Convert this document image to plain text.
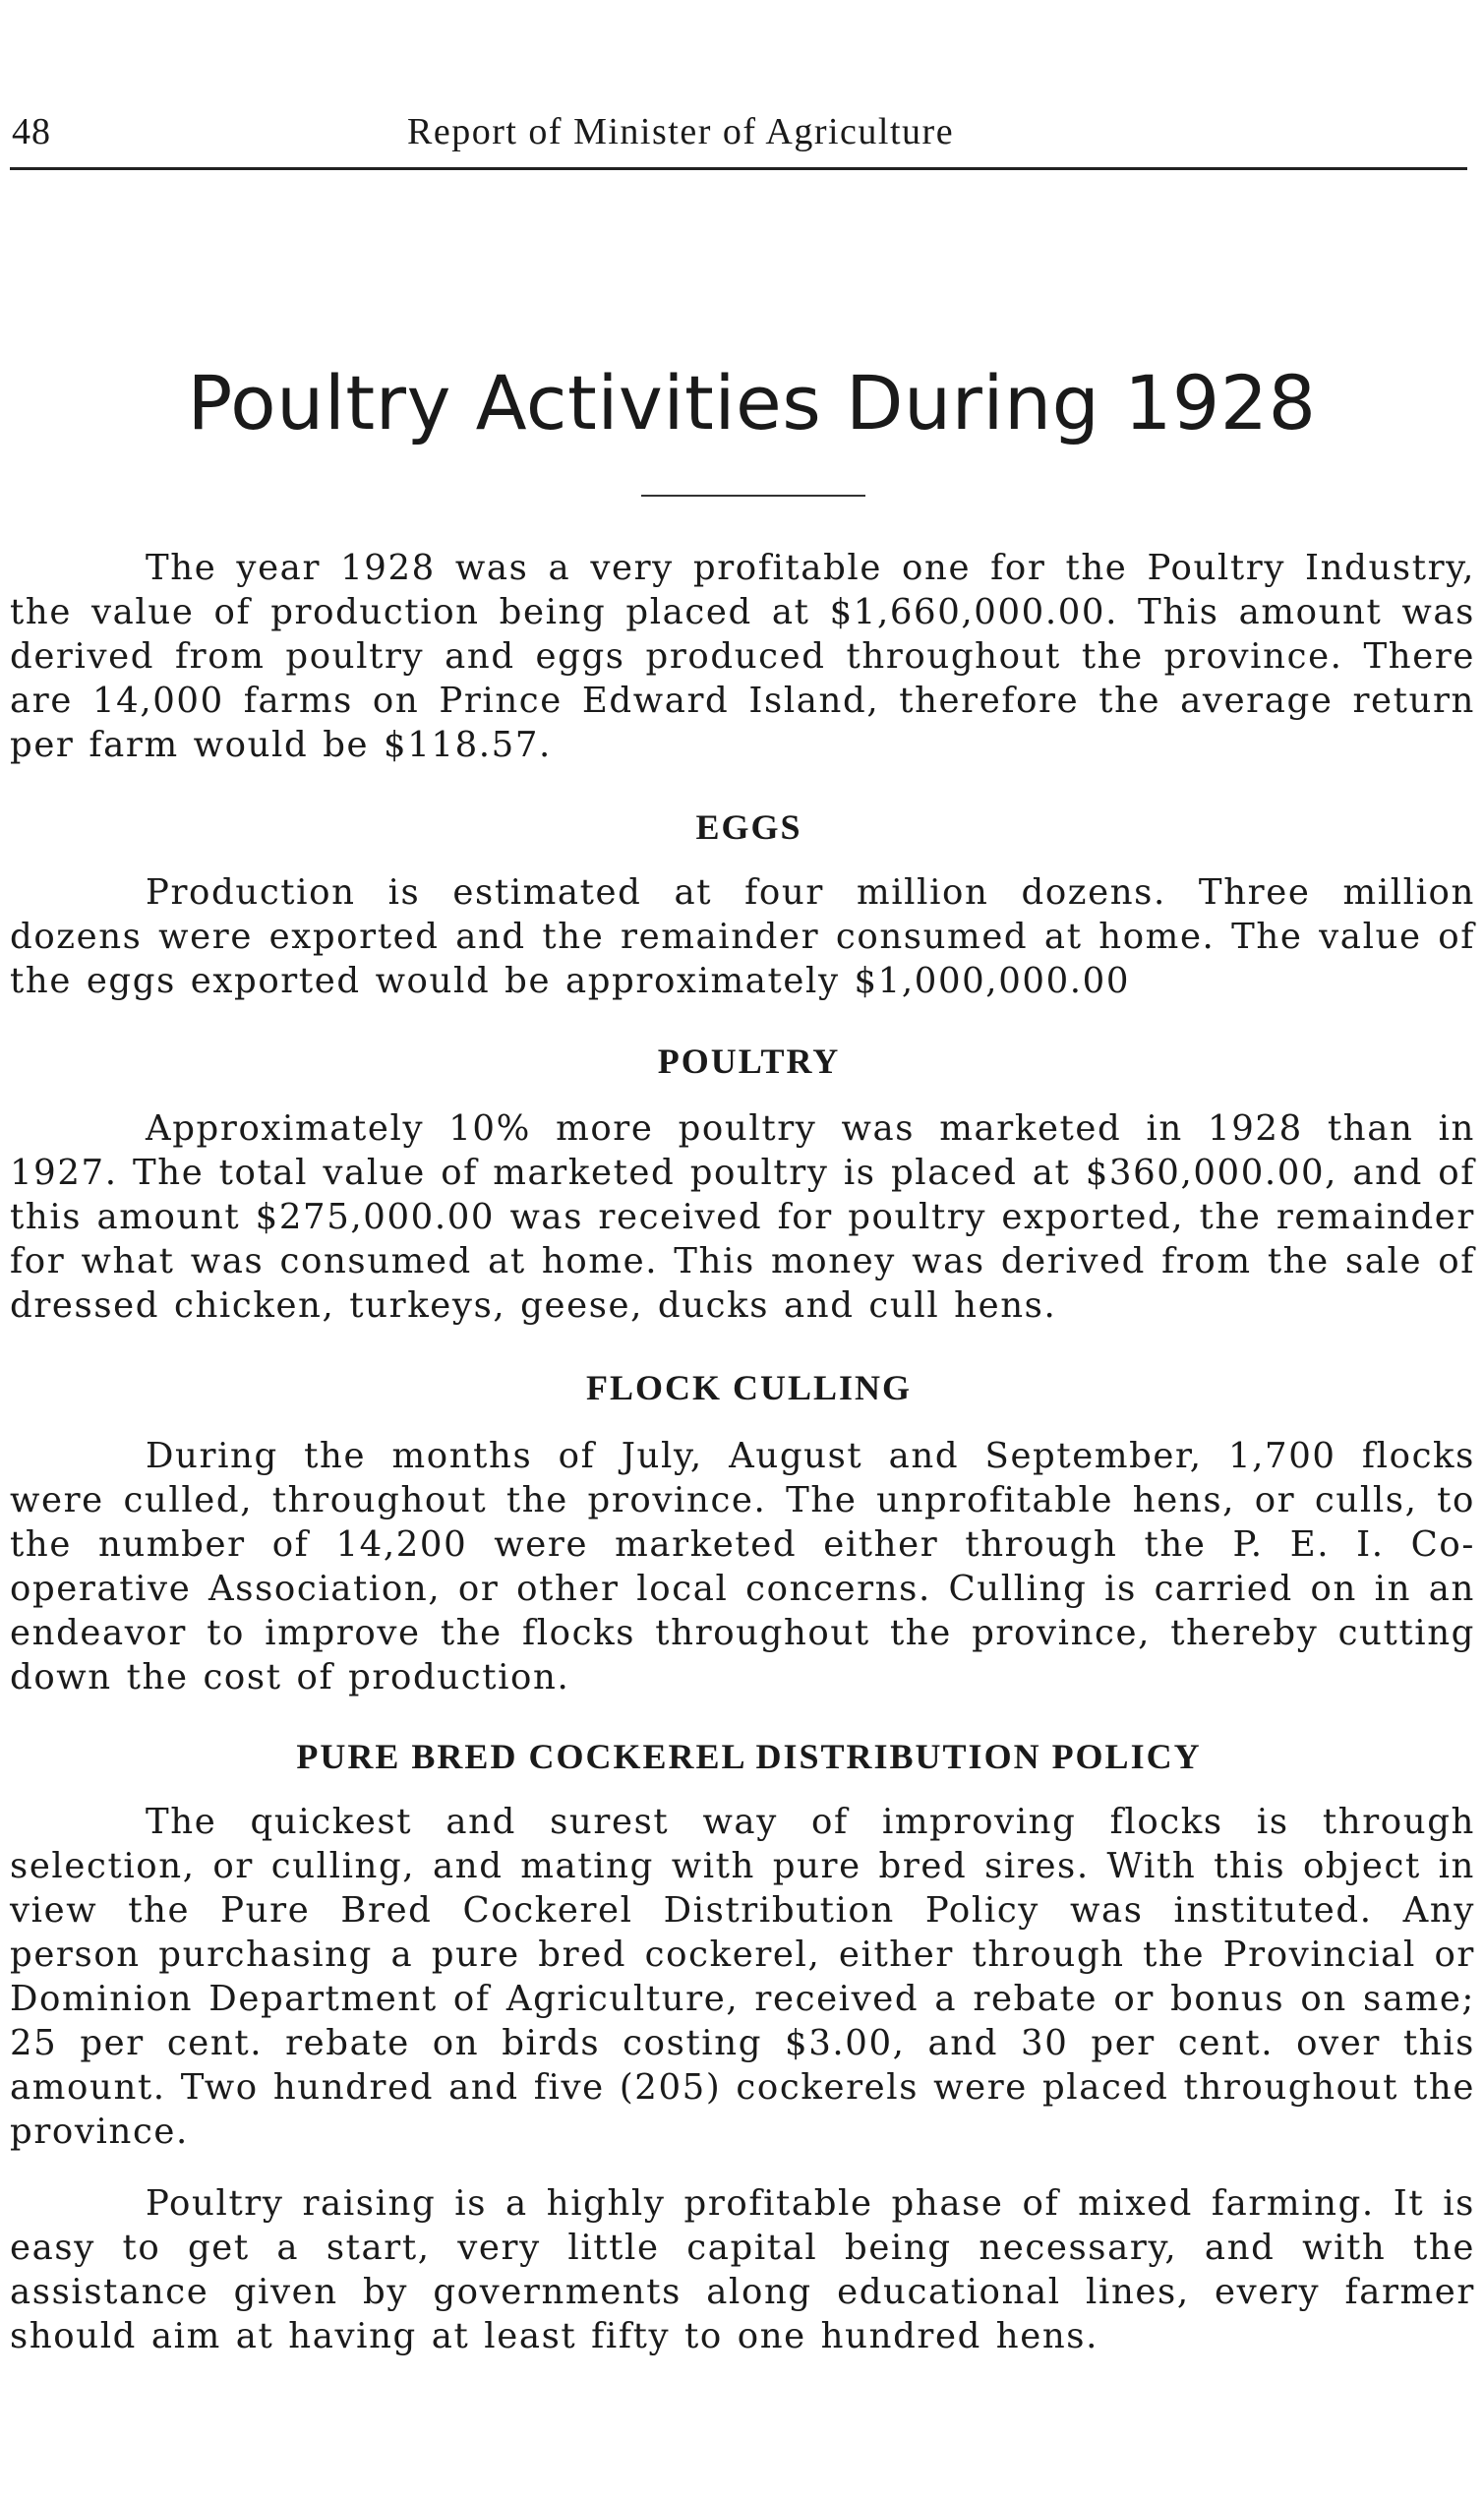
48	Report of Minister of Agriculture
Poultry Activities During 1928

The year 1928 was a very profitable one for the Poultry Industry, the value of production being placed at $1,660,000.00. This amount was derived from poultry and eggs produced throughout the province. There are 14,000 farms on Prince Edward Island, therefore the average return per farm would be $118.57.

EGGS

Production is estimated at four million dozens. Three million dozens were exported and the remainder consumed at home. The value of the eggs exported would be approximately $1,000,000.00

POULTRY

Approximately 10% more poultry was marketed in 1928 than in 1927. The total value of marketed poultry is placed at $360,000.00, and of this amount $275,000.00 was received for poultry exported, the remainder for what was consumed at home. This money was derived from the sale of dressed chicken, turkeys, geese, ducks and cull hens.

FLOCK CULLING

During the months of July, August and September, 1,700 flocks were culled, throughout the province. The unprofitable hens, or culls, to the number of 14,200 were marketed either through the P. E. I. Co-operative Association, or other local concerns. Culling is carried on in an endeavor to improve the flocks throughout the province, thereby cutting down the cost of production.

PURE BRED COCKEREL DISTRIBUTION POLICY

The quickest and surest way of improving flocks is through selection, or culling, and mating with pure bred sires. With this object in view the Pure Bred Cockerel Distribution Policy was instituted. Any person purchasing a pure bred cockerel, either through the Provincial or Dominion Department of Agriculture, received a rebate or bonus on same; 25 per cent. rebate on birds costing $3.00, and 30 per cent. over this amount. Two hundred and five (205) cockerels were placed throughout the province.

Poultry raising is a highly profitable phase of mixed farming. It is easy to get a start, very little capital being necessary, and with the assistance given by governments along educational lines, every farmer should aim at having at least fifty to one hundred hens.
